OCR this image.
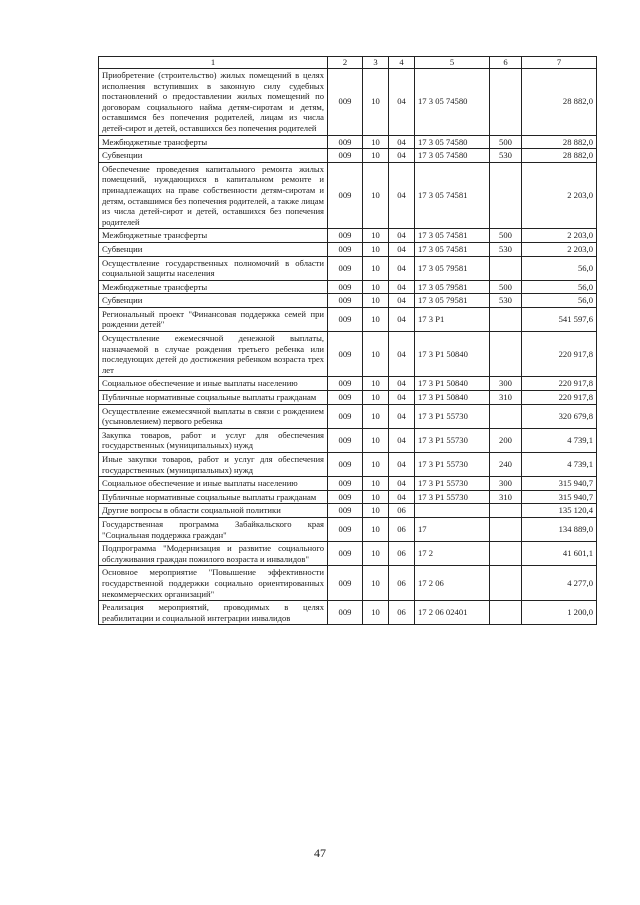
1	2	3	4	5	6	7
Приобретение (строительство) жилых помещений в целях исполнения вступивших в законную силу судебных постановлений о предоставлении жилых помещений по договорам социального найма детям-сиротам и детям, оставшимся без попечения родителей, лицам из числа детей-сирот и детей, оставшихся без попечения родителей	009	10	04	17 3 05 74580		28 882,0
Межбюджетные трансферты	009	10	04	17 3 05 74580	500	28 882,0
Субвенции	009	10	04	17 3 05 74580	530	28 882,0
Обеспечение проведения капитального ремонта жилых помещений, нуждающихся в капитальном ремонте и принадлежащих на праве собственности детям-сиротам и детям, оставшимся без попечения родителей, а также лицам из числа детей-сирот и детей, оставшихся без попечения родителей	009	10	04	17 3 05 74581		2 203,0
Межбюджетные трансферты	009	10	04	17 3 05 74581	500	2 203,0
Субвенции	009	10	04	17 3 05 74581	530	2 203,0
Осуществление государственных полномочий в области социальной защиты населения	009	10	04	17 3 05 79581		56,0
Межбюджетные трансферты	009	10	04	17 3 05 79581	500	56,0
Субвенции	009	10	04	17 3 05 79581	530	56,0
Региональный проект "Финансовая поддержка семей при рождении детей"	009	10	04	17 3 P1		541 597,6
Осуществление ежемесячной денежной выплаты, назначаемой в случае рождения третьего ребенка или последующих детей до достижения ребенком возраста трех лет	009	10	04	17 3 P1 50840		220 917,8
Социальное обеспечение и иные выплаты населению	009	10	04	17 3 P1 50840	300	220 917,8
Публичные нормативные социальные выплаты гражданам	009	10	04	17 3 P1 50840	310	220 917,8
Осуществление ежемесячной выплаты в связи с рождением (усыновлением) первого ребенка	009	10	04	17 3 P1 55730		320 679,8
Закупка товаров, работ и услуг для обеспечения государственных (муниципальных) нужд	009	10	04	17 3 P1 55730	200	4 739,1
Иные закупки товаров, работ и услуг для обеспечения государственных (муниципальных) нужд	009	10	04	17 3 P1 55730	240	4 739,1
Социальное обеспечение и иные выплаты населению	009	10	04	17 3 P1 55730	300	315 940,7
Публичные нормативные социальные выплаты гражданам	009	10	04	17 3 P1 55730	310	315 940,7
Другие вопросы в области социальной политики	009	10	06			135 120,4
Государственная программа Забайкальского края "Социальная поддержка граждан"	009	10	06	17		134 889,0
Подпрограмма "Модернизация и развитие социального обслуживания граждан пожилого возраста и инвалидов"	009	10	06	17 2		41 601,1
Основное мероприятие "Повышение эффективности государственной поддержки социально ориентированных некоммерческих организаций"	009	10	06	17 2 06		4 277,0
Реализация мероприятий, проводимых в целях реабилитации и социальной интеграции инвалидов	009	10	06	17 2 06 02401		1 200,0
47
